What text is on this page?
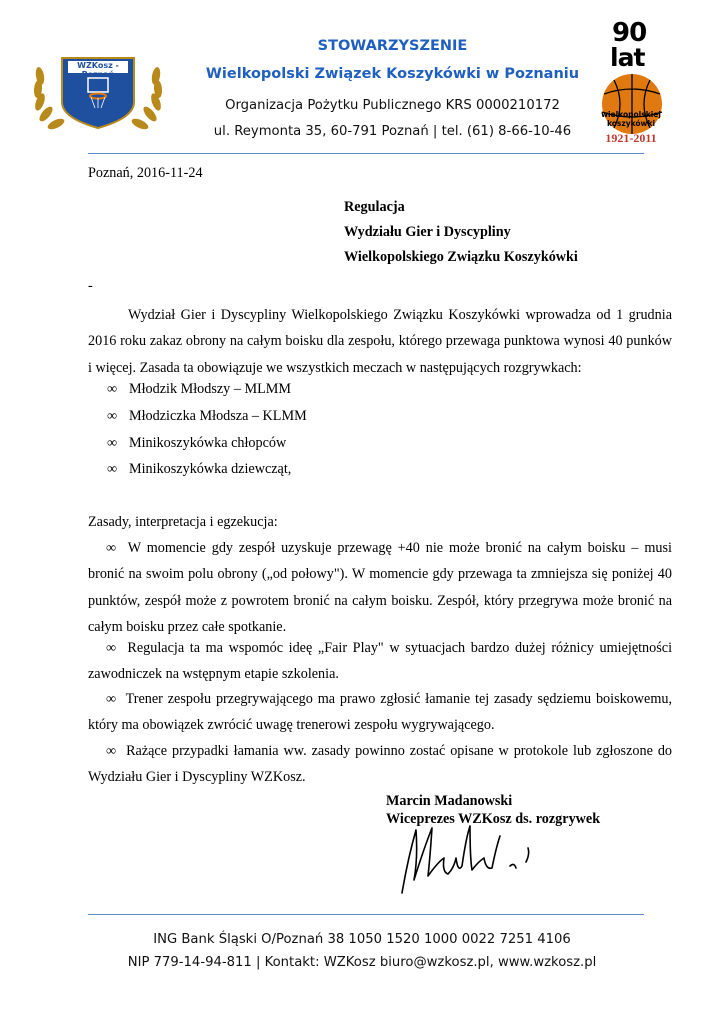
WZKosz - Poznań
STOWARZYSZENIE
Wielkopolski Związek Koszykówki w Poznaniu
Organizacja Pożytku Publicznego KRS 0000210172
ul. Reymonta 35, 60-791 Poznań | tel. (61) 8-66-10-46
90
lat
wielkopolskiej
koszykówki
1921-2011
Poznań, 2016-11-24
Regulacja
Wydziału Gier i Dyscypliny
Wielkopolskiego Związku Koszykówki
-
Wydział Gier i Dyscypliny Wielkopolskiego Związku Koszykówki wprowadza od 1 grudnia 2016 roku zakaz obrony na całym boisku dla zespołu, którego przewaga punktowa wynosi 40 punków i więcej. Zasada ta obowiązuje we wszystkich meczach w następujących rozgrywkach:
∞ Młodzik Młodszy – MLMM
∞ Młodziczka Młodsza – KLMM
∞ Minikoszykówka chłopców
∞ Minikoszykówka dziewcząt,
Zasady, interpretacja i egzekucja:
∞ W momencie gdy zespół uzyskuje przewagę +40 nie może bronić na całym boisku – musi bronić na swoim polu obrony („od połowy"). W momencie gdy przewaga ta zmniejsza się poniżej 40 punktów, zespół może z powrotem bronić na całym boisku. Zespół, który przegrywa może bronić na całym boisku przez całe spotkanie.
∞ Regulacja ta ma wspomóc ideę „Fair Play" w sytuacjach bardzo dużej różnicy umiejętności zawodniczek na wstępnym etapie szkolenia.
∞ Trener zespołu przegrywającego ma prawo zgłosić łamanie tej zasady sędziemu boiskowemu, który ma obowiązek zwrócić uwagę trenerowi zespołu wygrywającego.
∞ Rażące przypadki łamania ww. zasady powinno zostać opisane w protokole lub zgłoszone do Wydziału Gier i Dyscypliny WZKosz.
Marcin Madanowski
Wiceprezes WZKosz ds. rozgrywek
ING Bank Śląski O/Poznań 38 1050 1520 1000 0022 7251 4106
NIP 779-14-94-811 | Kontakt: WZKosz biuro@wzkosz.pl, www.wzkosz.pl
